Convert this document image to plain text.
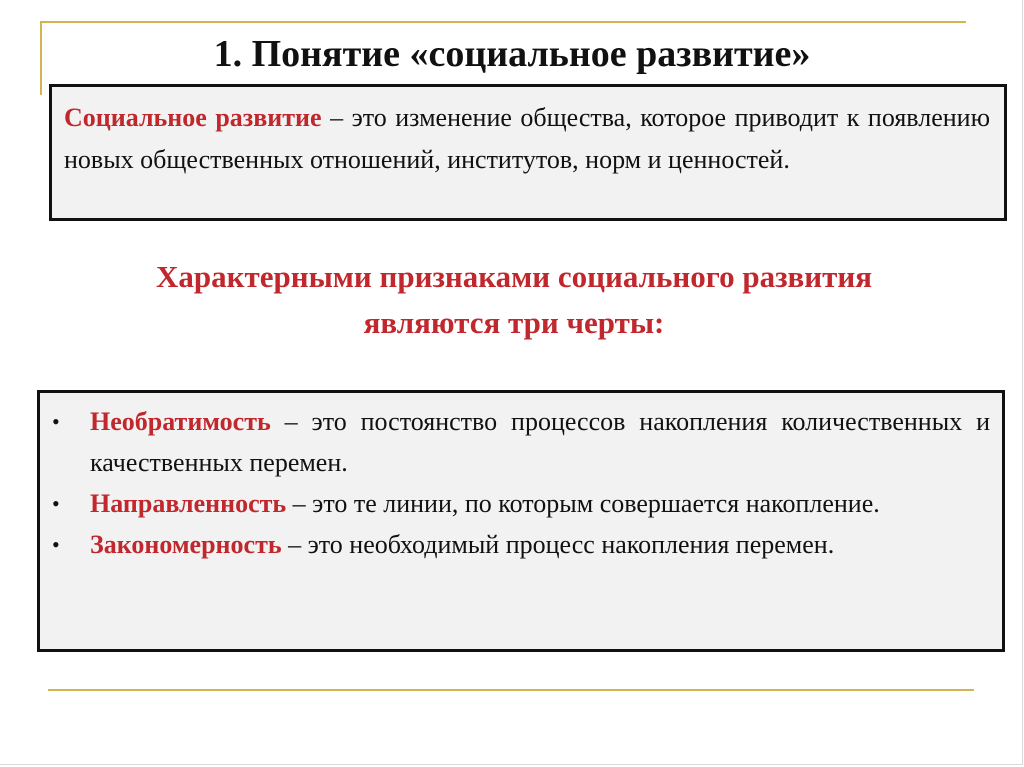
1. Понятие «социальное развитие»
Социальное развитие – это изменение общества, которое приводит к появлению новых общественных отношений, институтов, норм и ценностей.
Характерными признаками социального развития являются три черты:
•	Необратимость – это постоянство процессов накопления количественных и качественных перемен.
•	Направленность – это те линии, по которым совершается накопление.
•	Закономерность – это необходимый процесс накопления перемен.
